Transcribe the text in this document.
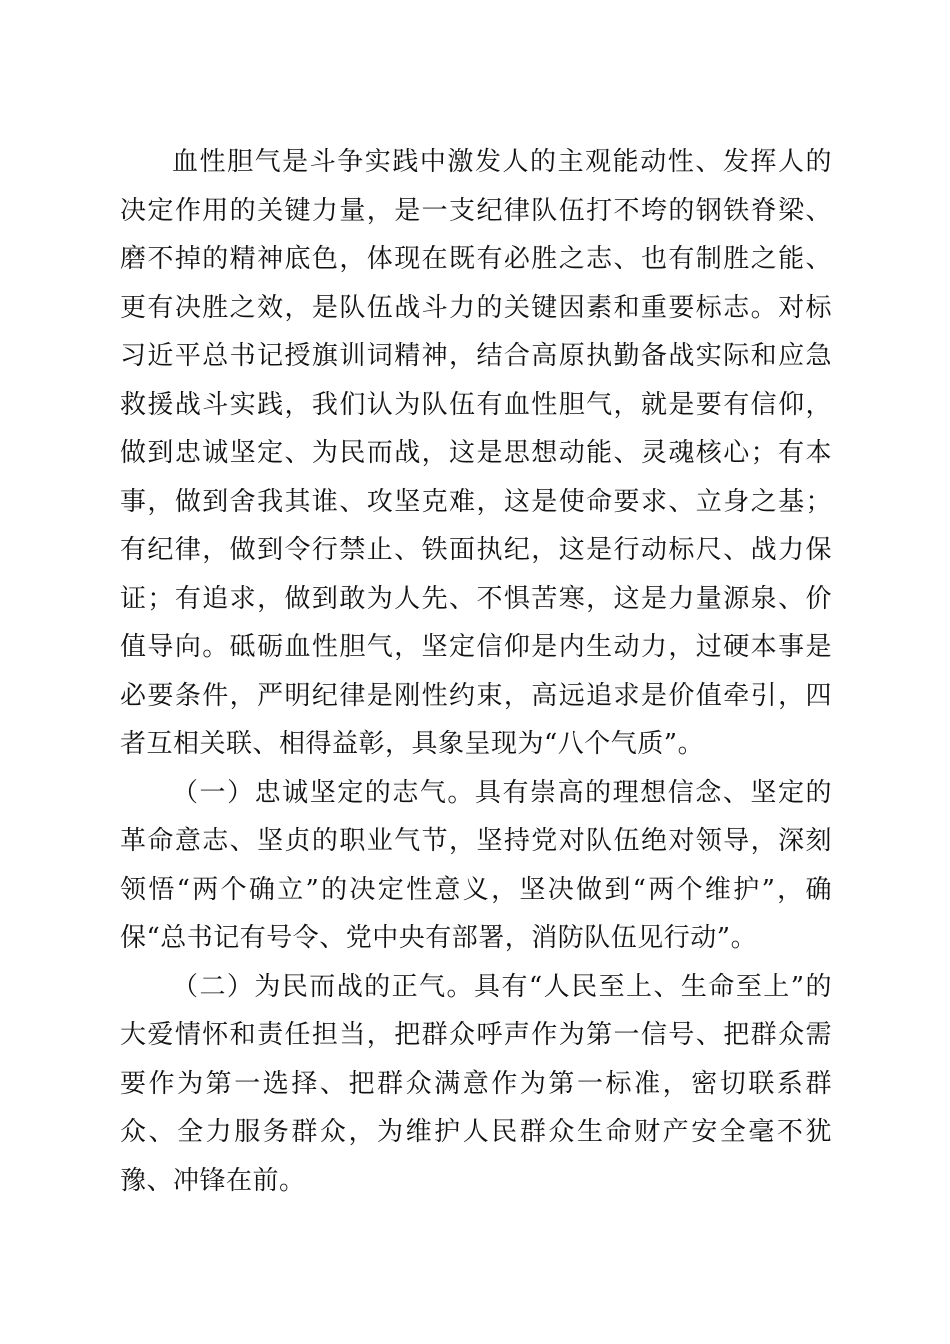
血性胆气是斗争实践中激发人的主观能动性、发挥人的决定作用的关键力量，是一支纪律队伍打不垮的钢铁脊梁、磨不掉的精神底色，体现在既有必胜之志、也有制胜之能、更有决胜之效，是队伍战斗力的关键因素和重要标志。对标习近平总书记授旗训词精神，结合高原执勤备战实际和应急救援战斗实践，我们认为队伍有血性胆气，就是要有信仰，做到忠诚坚定、为民而战，这是思想动能、灵魂核心；有本事，做到舍我其谁、攻坚克难，这是使命要求、立身之基；有纪律，做到令行禁止、铁面执纪，这是行动标尺、战力保证；有追求，做到敢为人先、不惧苦寒，这是力量源泉、价值导向。砥砺血性胆气，坚定信仰是内生动力，过硬本事是必要条件，严明纪律是刚性约束，高远追求是价值牵引，四者互相关联、相得益彰，具象呈现为“八个气质”。

（一）忠诚坚定的志气。具有崇高的理想信念、坚定的革命意志、坚贞的职业气节，坚持党对队伍绝对领导，深刻领悟“两个确立”的决定性意义，坚决做到“两个维护”，确保“总书记有号令、党中央有部署，消防队伍见行动”。

（二）为民而战的正气。具有“人民至上、生命至上”的大爱情怀和责任担当，把群众呼声作为第一信号、把群众需要作为第一选择、把群众满意作为第一标准，密切联系群众、全力服务群众，为维护人民群众生命财产安全毫不犹豫、冲锋在前。
